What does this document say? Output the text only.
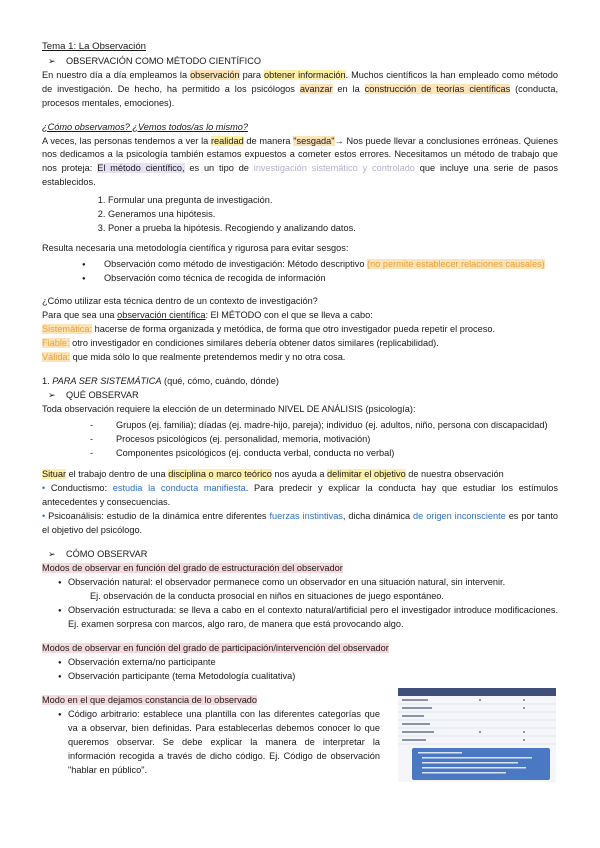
Tema 1: La Observación

➢ OBSERVACIÓN COMO MÉTODO CIENTÍFICO

En nuestro día a día empleamos la observación para obtener información. Muchos científicos la han empleado como método de investigación. De hecho, ha permitido a los psicólogos avanzar en la construcción de teorías científicas (conducta, procesos mentales, emociones).

¿Cómo observamos? ¿Vemos todos/as lo mismo?

A veces, las personas tendemos a ver la realidad de manera "sesgada"→ Nos puede llevar a conclusiones erróneas. Quienes nos dedicamos a la psicología también estamos expuestos a cometer estos errores. Necesitamos un método de trabajo que nos proteja: El método científico, es un tipo de investigación sistemático y controlado que incluye una serie de pasos establecidos.

1. Formular una pregunta de investigación.
2. Generamos una hipótesis.
3. Poner a prueba la hipótesis. Recogiendo y analizando datos.

Resulta necesaria una metodología científica y rigurosa para evitar sesgos:

● Observación como método de investigación: Método descriptivo (no permite establecer relaciones causales)
● Observación como técnica de recogida de información

¿Cómo utilizar esta técnica dentro de un contexto de investigación?

Para que sea una observación científica: El MÉTODO con el que se lleva a cabo:

Sistemática: hacerse de forma organizada y metódica, de forma que otro investigador pueda repetir el proceso.

Fiable: otro investigador en condiciones similares debería obtener datos similares (replicabilidad).

Válida: que mida sólo lo que realmente pretendemos medir y no otra cosa.

1. PARA SER SISTEMÁTICA (qué, cómo, cuándo, dónde)

➢ QUÉ OBSERVAR

Toda observación requiere la elección de un determinado NIVEL DE ANÁLISIS (psicología):

- Grupos (ej. familia); díadas (ej. madre-hijo, pareja); individuo (ej. adultos, niño, persona con discapacidad)
- Procesos psicológicos (ej. personalidad, memoria, motivación)
- Componentes psicológicos (ej. conducta verbal, conducta no verbal)

Situar el trabajo dentro de una disciplina o marco teórico nos ayuda a delimitar el objetivo de nuestra observación

• Conductismo: estudia la conducta manifiesta. Para predecir y explicar la conducta hay que estudiar los estímulos antecedentes y consecuencias.

• Psicoanálisis: estudio de la dinámica entre diferentes fuerzas instintivas, dicha dinámica de origen inconsciente es por tanto el objetivo del psicólogo.

➢ CÓMO OBSERVAR

Modos de observar en función del grado de estructuración del observador

● Observación natural: el observador permanece como un observador en una situación natural, sin intervenir.

Ej. observación de la conducta prosocial en niños en situaciones de juego espontáneo.

● Observación estructurada: se lleva a cabo en el contexto natural/artificial pero el investigador introduce modificaciones. Ej. examen sorpresa con marcos, algo raro, de manera que está provocando algo.

Modos de observar en función del grado de participación/intervención del observador

● Observación externa/no participante
● Observación participante (tema Metodología cualitativa)

Modo en el que dejamos constancia de lo observado

● Código arbitrario: establece una plantilla con las diferentes categorías que va a observar, bien definidas. Para establecerlas debemos conocer lo que queremos observar. Se debe explicar la manera de interpretar la información recogida a través de dicho código. Ej. Código de observación "hablar en público".
